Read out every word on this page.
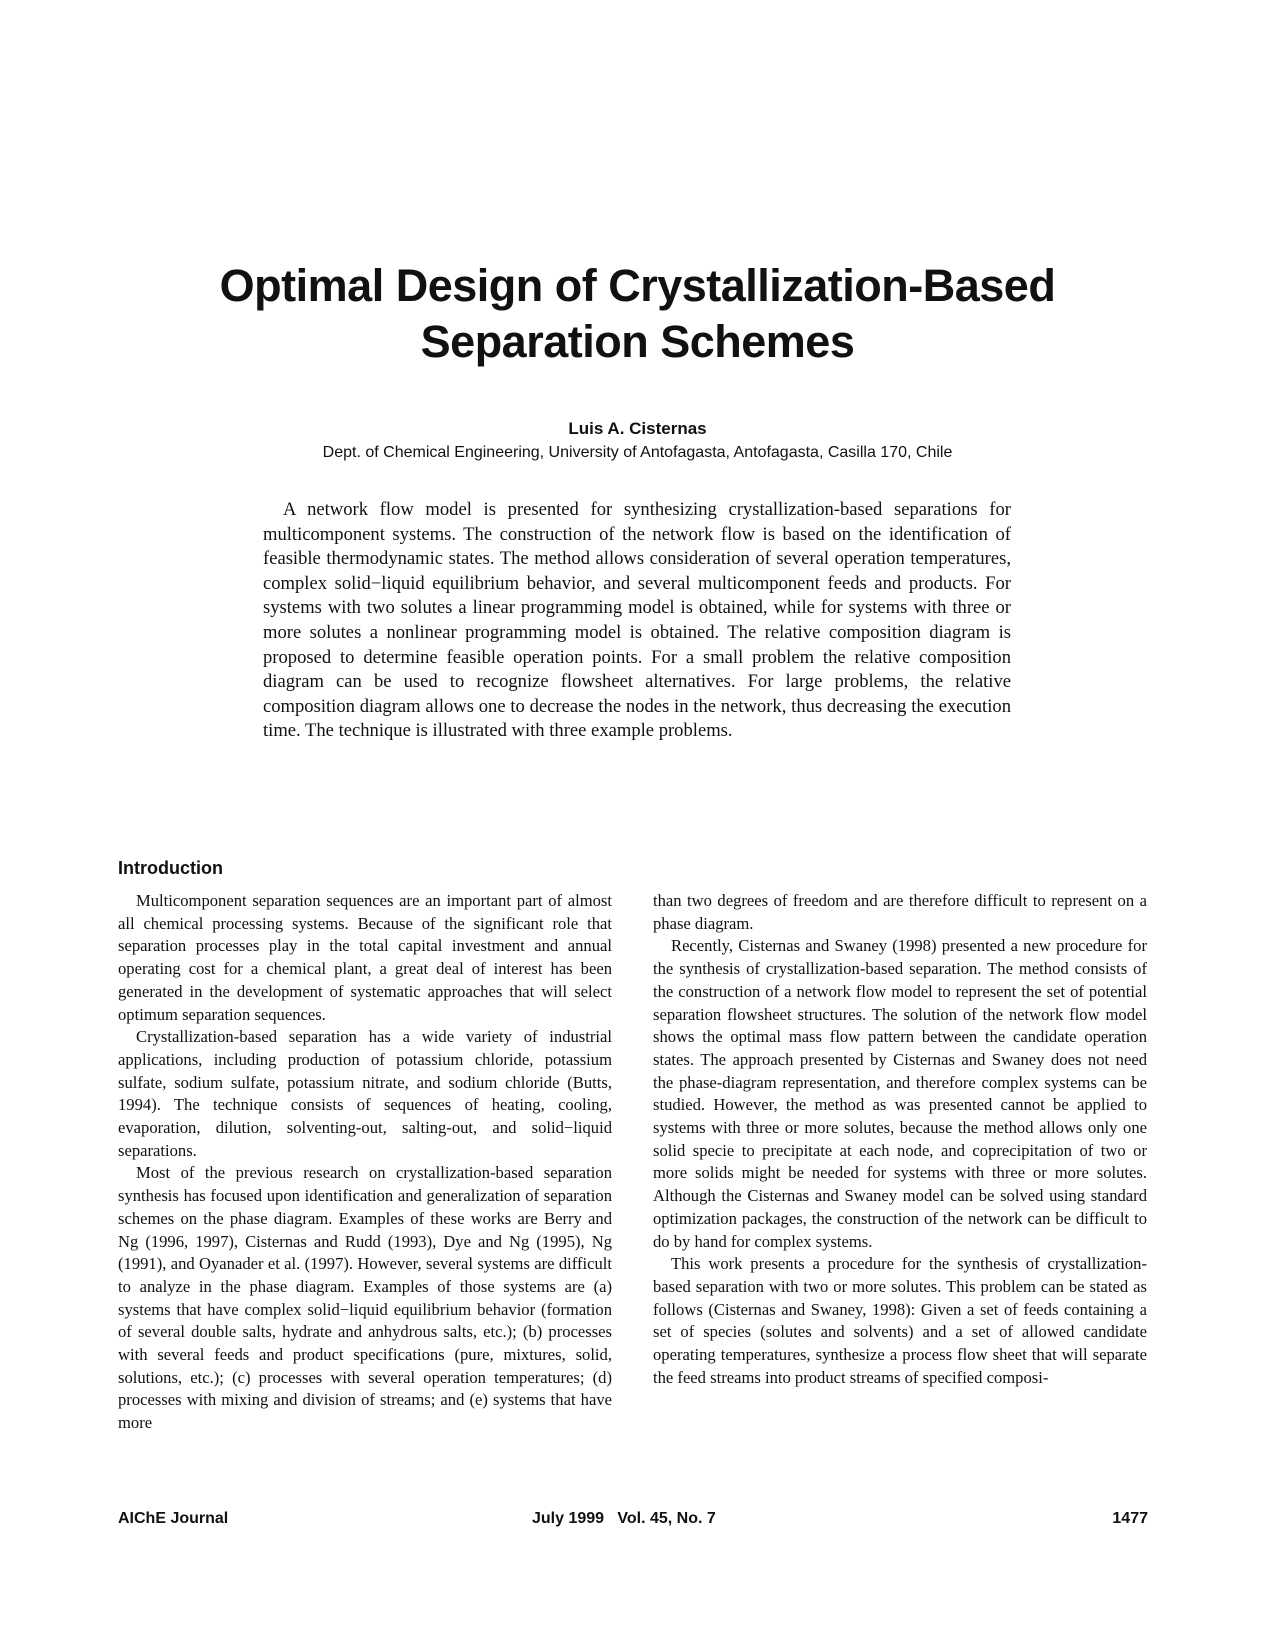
Optimal Design of Crystallization-Based
Separation Schemes
Luis A. Cisternas
Dept. of Chemical Engineering, University of Antofagasta, Antofagasta, Casilla 170, Chile

A network flow model is presented for synthesizing crystallization-based separations for multicomponent systems. The construction of the network flow is based on the identification of feasible thermodynamic states. The method allows consideration of several operation temperatures, complex solid−liquid equilibrium behavior, and several multicomponent feeds and products. For systems with two solutes a linear programming model is obtained, while for systems with three or more solutes a nonlinear programming model is obtained. The relative composition diagram is proposed to determine feasible operation points. For a small problem the relative composition diagram can be used to recognize flowsheet alternatives. For large problems, the relative composition diagram allows one to decrease the nodes in the network, thus decreasing the execution time. The technique is illustrated with three example problems.

Introduction

Multicomponent separation sequences are an important part of almost all chemical processing systems. Because of the significant role that separation processes play in the total capital investment and annual operating cost for a chemical plant, a great deal of interest has been generated in the development of systematic approaches that will select optimum separation sequences.

Crystallization-based separation has a wide variety of industrial applications, including production of potassium chloride, potassium sulfate, sodium sulfate, potassium nitrate, and sodium chloride (Butts, 1994). The technique consists of sequences of heating, cooling, evaporation, dilution, solventing-out, salting-out, and solid−liquid separations.

Most of the previous research on crystallization-based separation synthesis has focused upon identification and generalization of separation schemes on the phase diagram. Examples of these works are Berry and Ng (1996, 1997), Cisternas and Rudd (1993), Dye and Ng (1995), Ng (1991), and Oyanader et al. (1997). However, several systems are difficult to analyze in the phase diagram. Examples of those systems are (a) systems that have complex solid−liquid equilibrium behavior (formation of several double salts, hydrate and anhydrous salts, etc.); (b) processes with several feeds and product specifications (pure, mixtures, solid, solutions, etc.); (c) processes with several operation temperatures; (d) processes with mixing and division of streams; and (e) systems that have more

than two degrees of freedom and are therefore difficult to represent on a phase diagram.

Recently, Cisternas and Swaney (1998) presented a new procedure for the synthesis of crystallization-based separation. The method consists of the construction of a network flow model to represent the set of potential separation flowsheet structures. The solution of the network flow model shows the optimal mass flow pattern between the candidate operation states. The approach presented by Cisternas and Swaney does not need the phase-diagram representation, and therefore complex systems can be studied. However, the method as was presented cannot be applied to systems with three or more solutes, because the method allows only one solid specie to precipitate at each node, and coprecipitation of two or more solids might be needed for systems with three or more solutes. Although the Cisternas and Swaney model can be solved using standard optimization packages, the construction of the network can be difficult to do by hand for complex systems.

This work presents a procedure for the synthesis of crystallization-based separation with two or more solutes. This problem can be stated as follows (Cisternas and Swaney, 1998): Given a set of feeds containing a set of species (solutes and solvents) and a set of allowed candidate operating temperatures, synthesize a process flow sheet that will separate the feed streams into product streams of specified composi-

AIChE Journal	July 1999   Vol. 45, No. 7	1477
